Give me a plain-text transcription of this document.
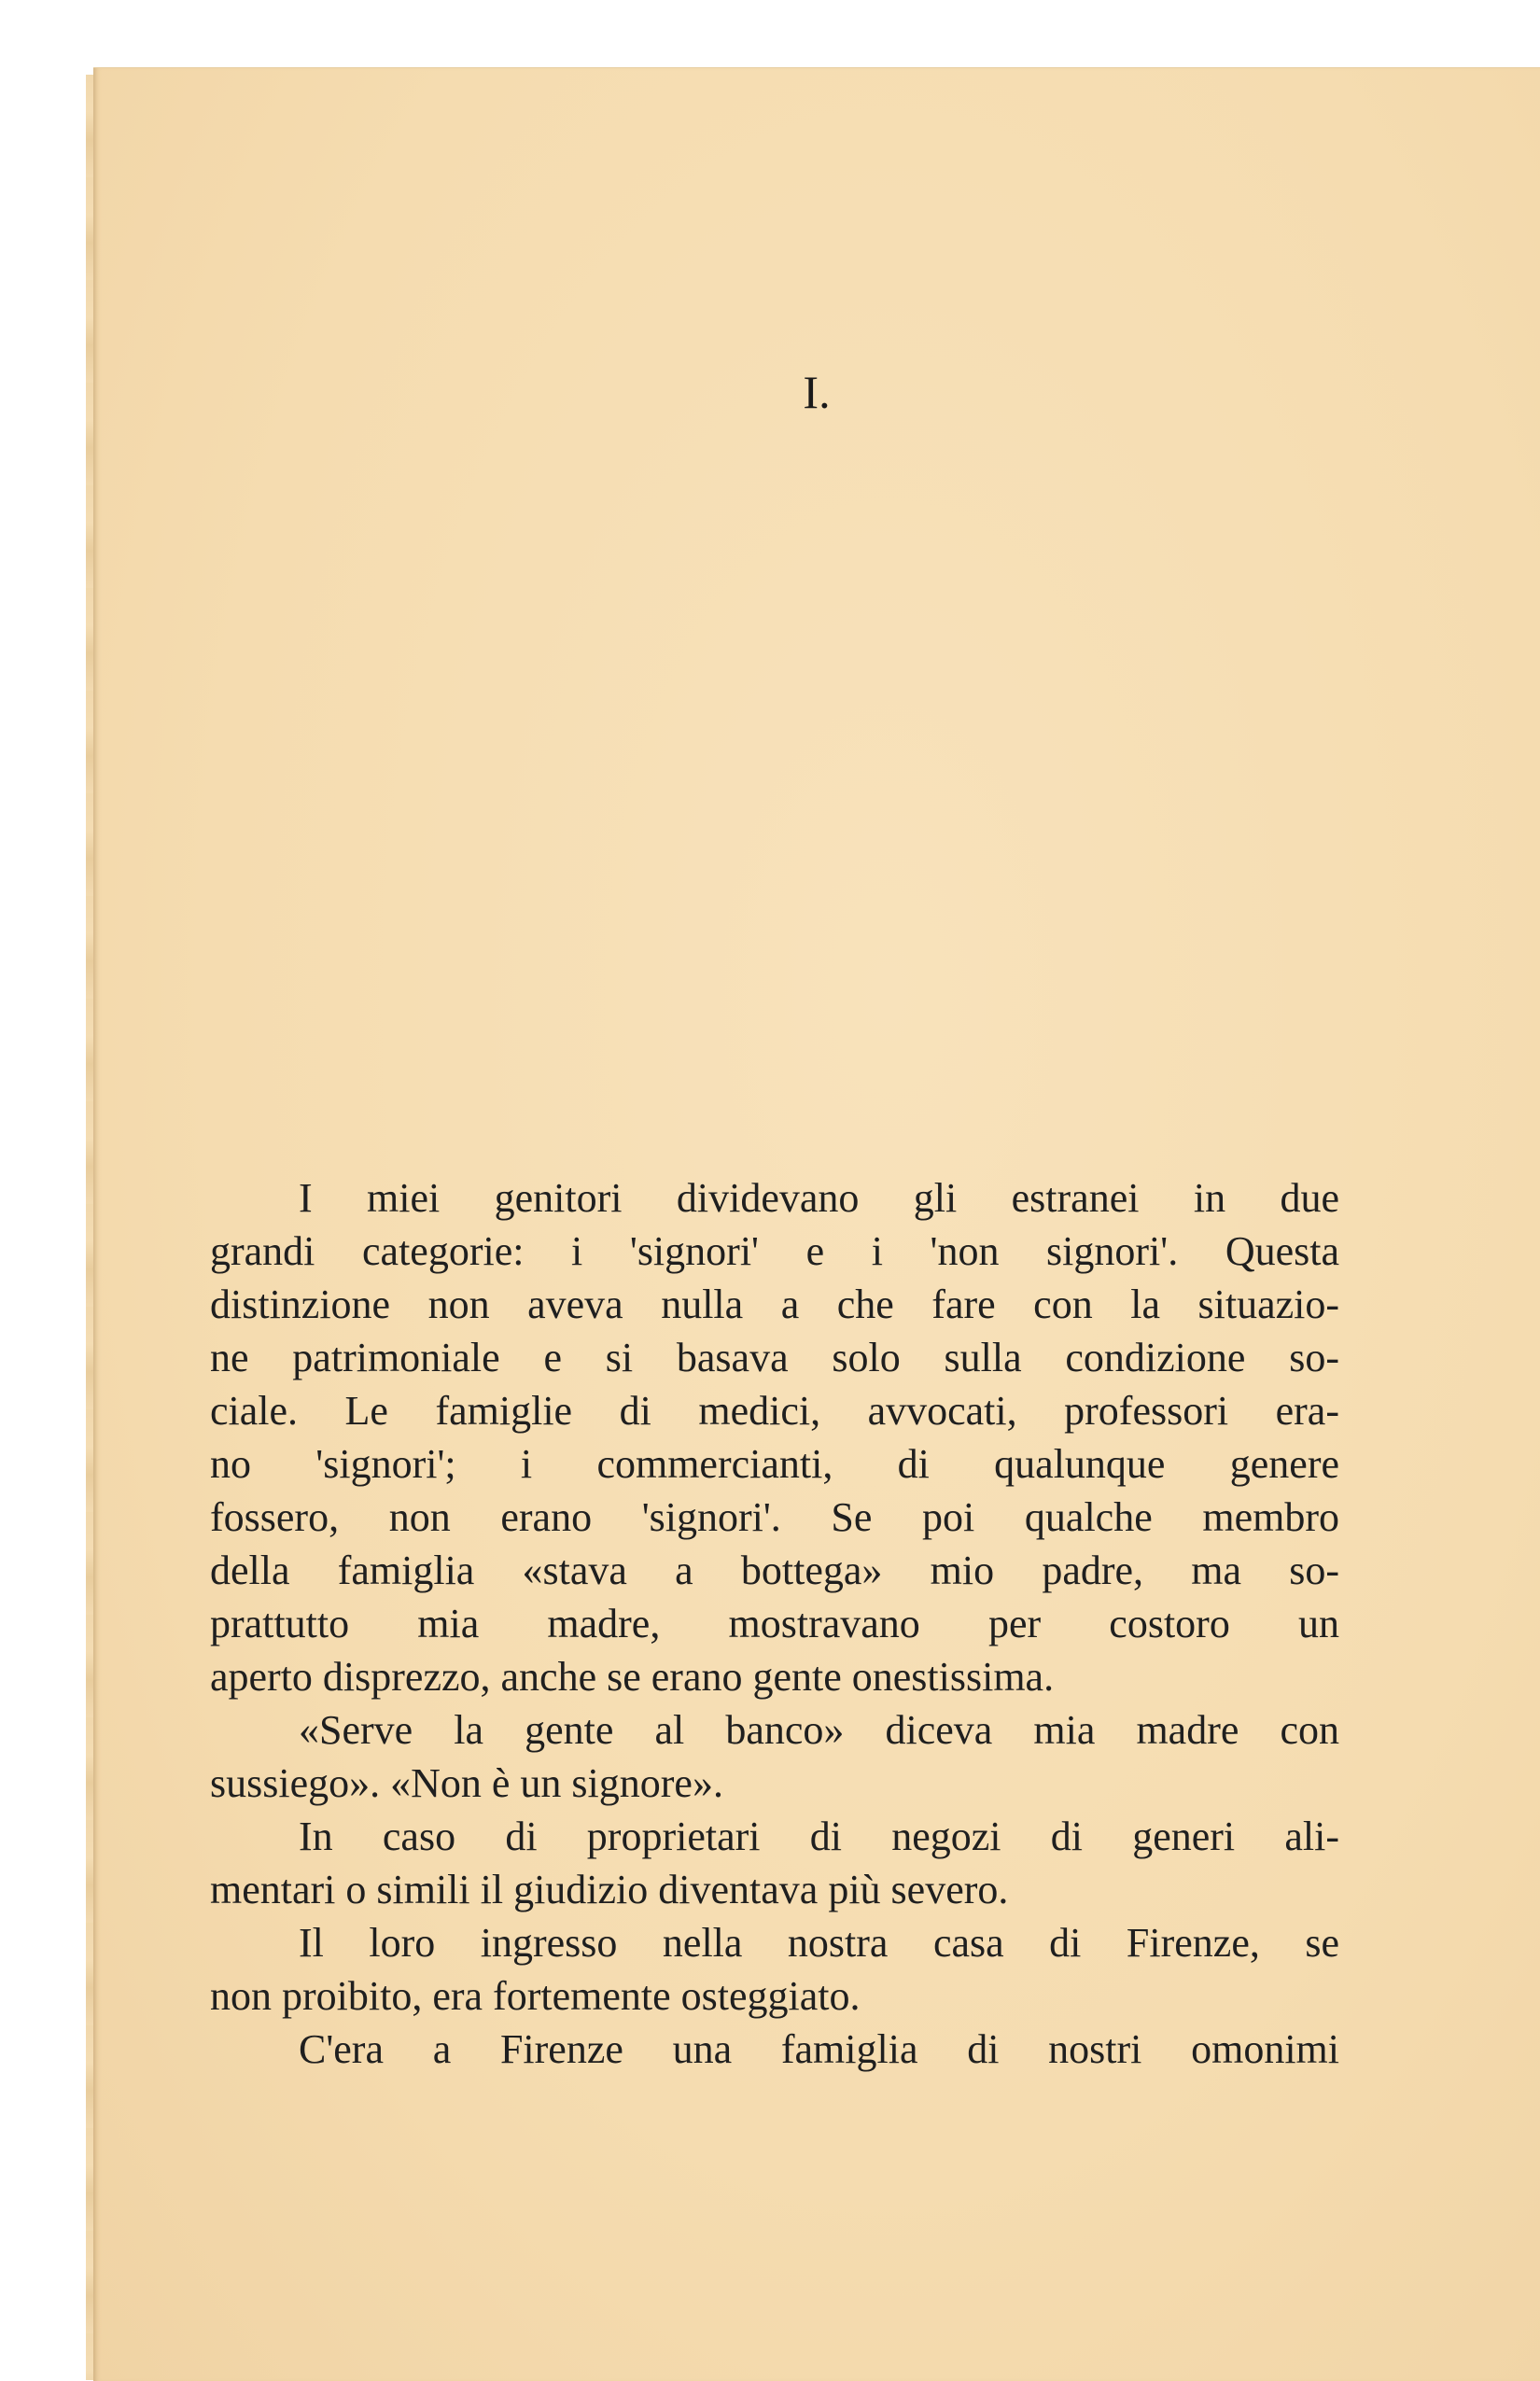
I.
I miei genitori dividevano gli estranei in due
grandi categorie: i 'signori' e i 'non signori'. Questa
distinzione non aveva nulla a che fare con la situazio-
ne patrimoniale e si basava solo sulla condizione so-
ciale. Le famiglie di medici, avvocati, professori era-
no 'signori'; i commercianti, di qualunque genere
fossero, non erano 'signori'. Se poi qualche membro
della famiglia «stava a bottega» mio padre, ma so-
prattutto mia madre, mostravano per costoro un
aperto disprezzo, anche se erano gente onestissima.
«Serve la gente al banco» diceva mia madre con
sussiego». «Non è un signore».
In caso di proprietari di negozi di generi ali-
mentari o simili il giudizio diventava più severo.
Il loro ingresso nella nostra casa di Firenze, se
non proibito, era fortemente osteggiato.
C'era a Firenze una famiglia di nostri omonimi
